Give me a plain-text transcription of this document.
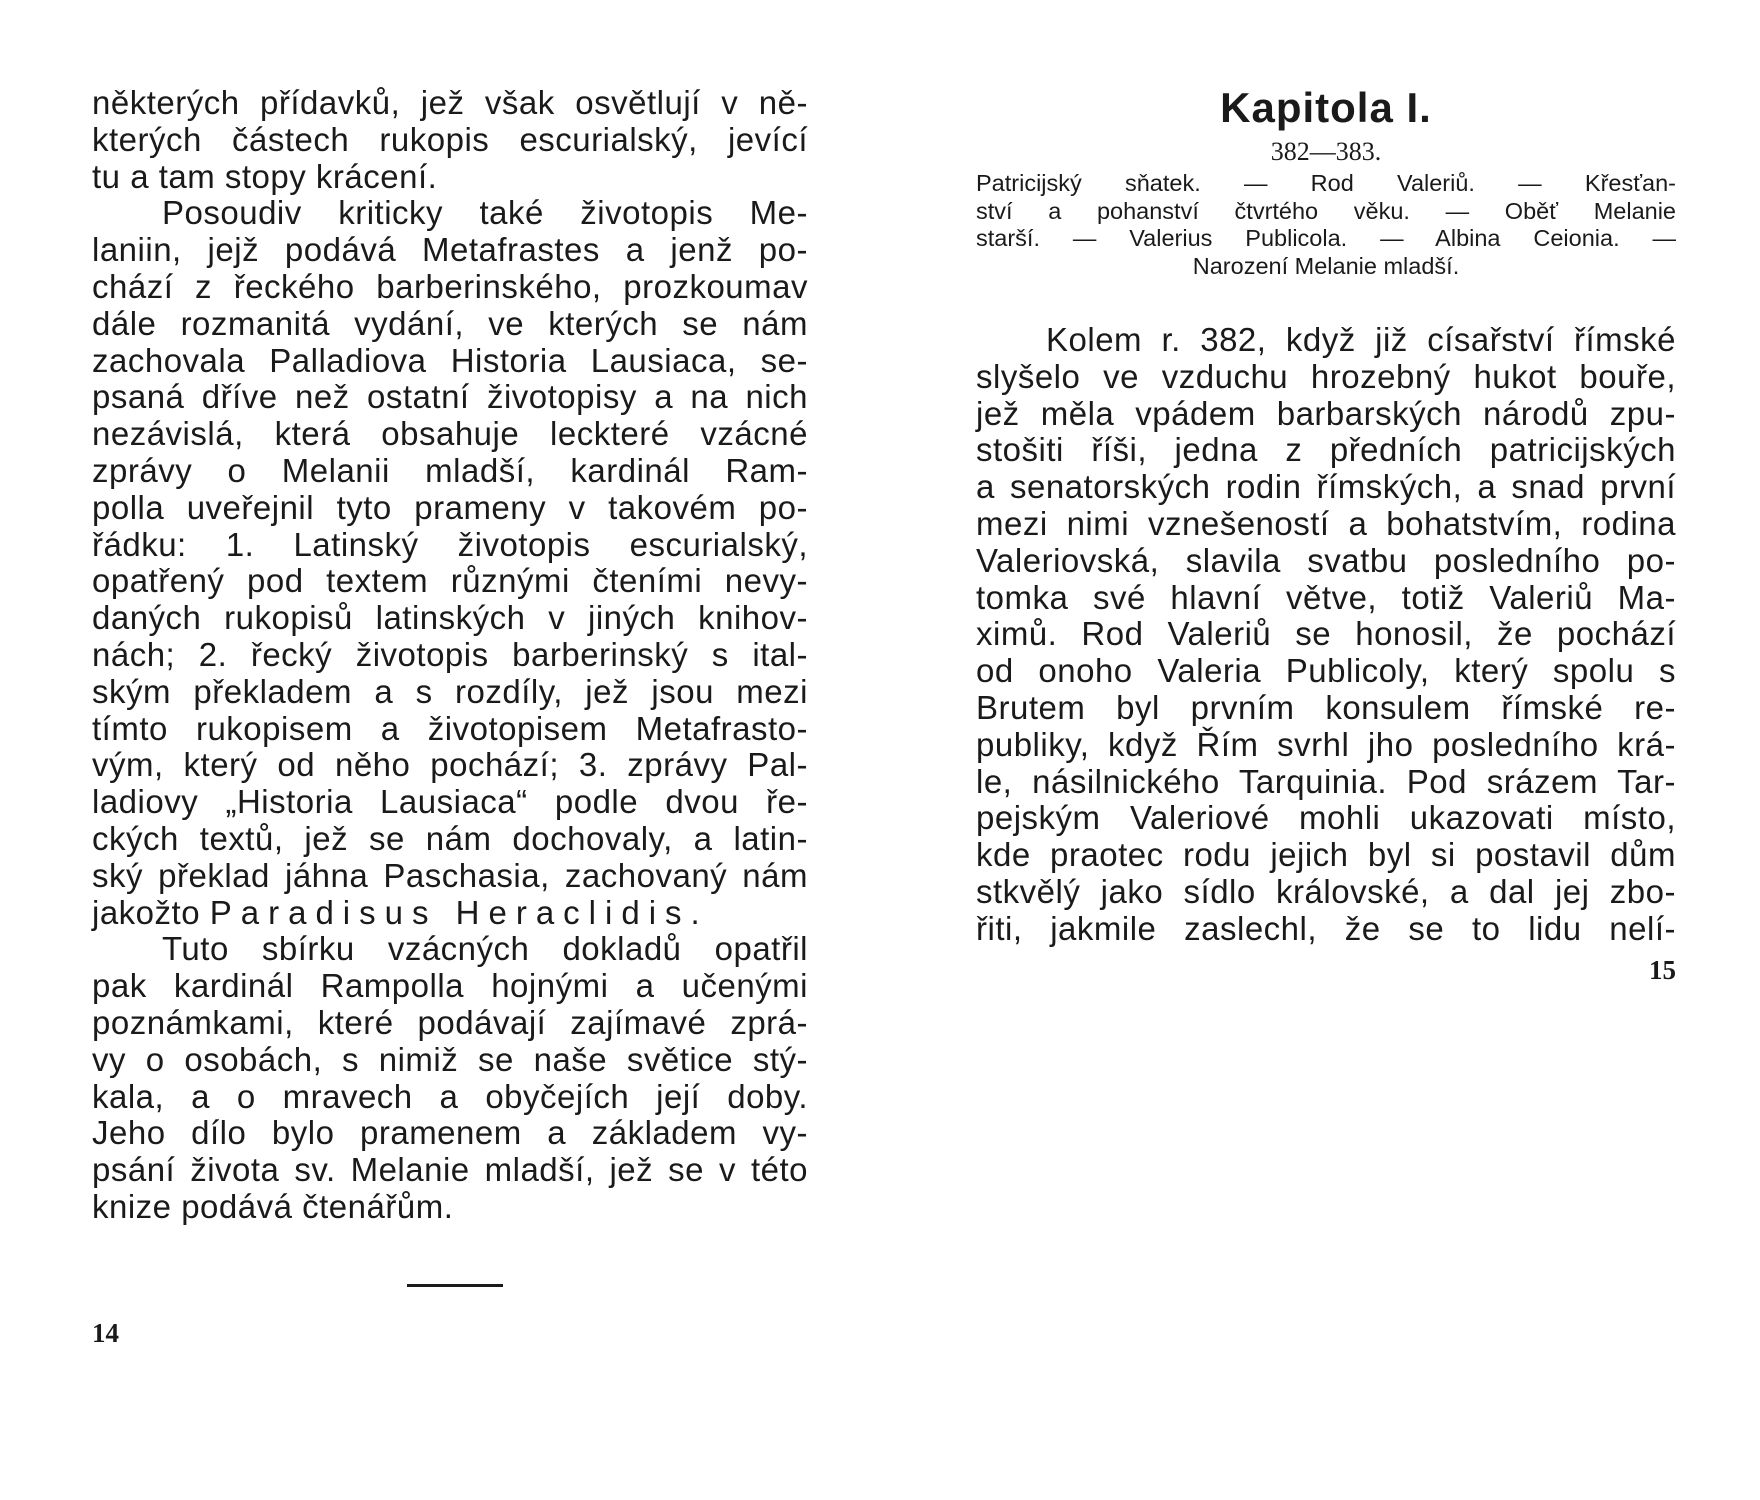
některých přídavků, jež však osvětlují v ně-
kterých částech rukopis escurialský, jevící
tu a tam stopy krácení.
Posoudiv kriticky také životopis Me-
laniin, jejž podává Metafrastes a jenž po-
chází z řeckého barberinského, prozkoumav
dále rozmanitá vydání, ve kterých se nám
zachovala Palladiova Historia Lausiaca, se-
psaná dříve než ostatní životopisy a na nich
nezávislá, která obsahuje leckteré vzácné
zprávy o Melanii mladší, kardinál Ram-
polla uveřejnil tyto prameny v takovém po-
řádku: 1. Latinský životopis escurialský,
opatřený pod textem různými čteními nevy-
daných rukopisů latinských v jiných knihov-
nách; 2. řecký životopis barberinský s ital-
ským překladem a s rozdíly, jež jsou mezi
tímto rukopisem a životopisem Metafrasto-
vým, který od něho pochází; 3. zprávy Pal-
ladiovy „Historia Lausiaca“ podle dvou ře-
ckých textů, jež se nám dochovaly, a latin-
ský překlad jáhna Paschasia, zachovaný nám
jakožto Paradisus Heraclidis.
Tuto sbírku vzácných dokladů opatřil
pak kardinál Rampolla hojnými a učenými
poznámkami, které podávají zajímavé zprá-
vy o osobách, s nimiž se naše světice stý-
kala, a o mravech a obyčejích její doby.
Jeho dílo bylo pramenem a základem vy-
psání života sv. Melanie mladší, jež se v této
knize podává čtenářům.
14
Kapitola I.
382—383.
Patricijský sňatek. — Rod Valeriů. — Křesťan-
ství a pohanství čtvrtého věku. — Oběť Melanie
starší. — Valerius Publicola. — Albina Ceionia. —
Narození Melanie mladší.
Kolem r. 382, když již císařství římské
slyšelo ve vzduchu hrozebný hukot bouře,
jež měla vpádem barbarských národů zpu-
stošiti říši, jedna z předních patricijských
a senatorských rodin římských, a snad první
mezi nimi vznešeností a bohatstvím, rodina
Valeriovská, slavila svatbu posledního po-
tomka své hlavní větve, totiž Valeriů Ma-
ximů. Rod Valeriů se honosil, že pochází
od onoho Valeria Publicoly, který spolu s
Brutem byl prvním konsulem římské re-
publiky, když Řím svrhl jho posledního krá-
le, násilnického Tarquinia. Pod srázem Tar-
pejským Valeriové mohli ukazovati místo,
kde praotec rodu jejich byl si postavil dům
stkvělý jako sídlo královské, a dal jej zbo-
řiti, jakmile zaslechl, že se to lidu nelí-
15
